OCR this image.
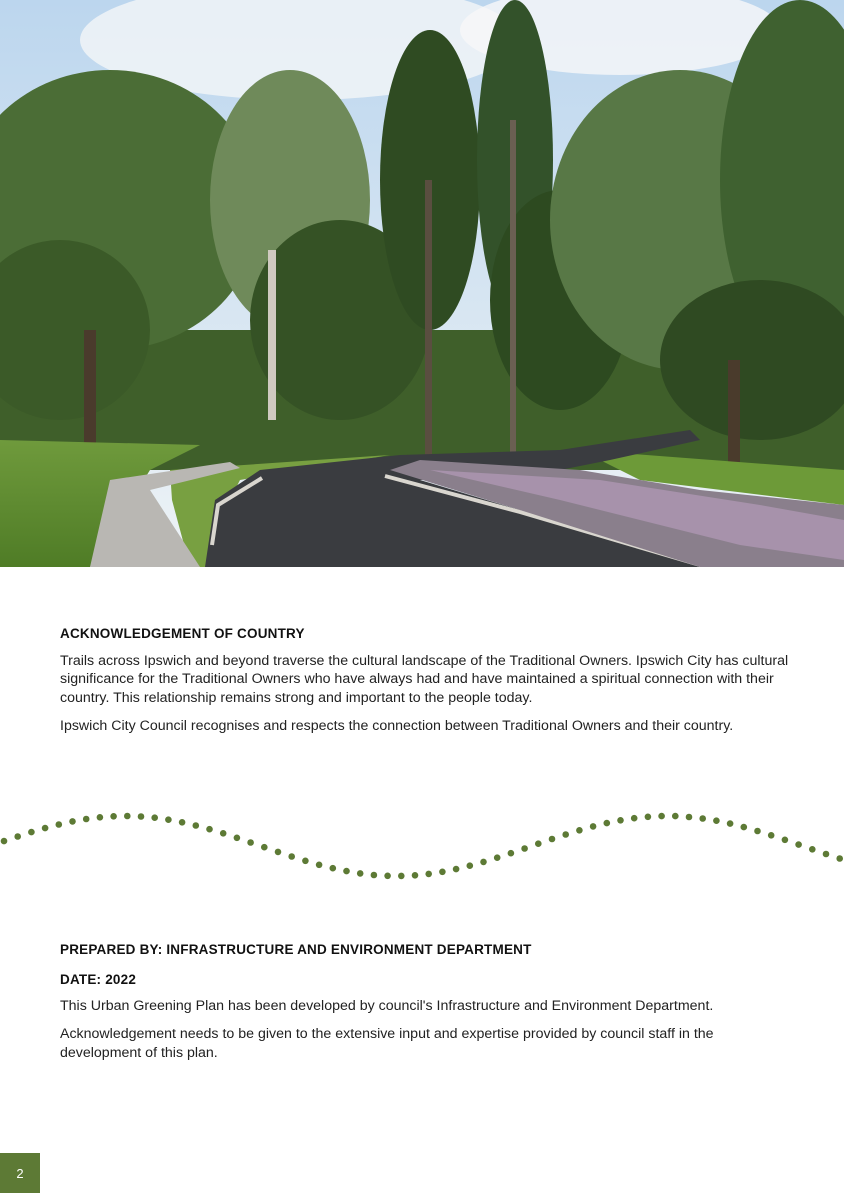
ACKNOWLEDGEMENT OF COUNTRY

Trails across Ipswich and beyond traverse the cultural landscape of the Traditional Owners. Ipswich City has cultural significance for the Traditional Owners who have always had and have maintained a spiritual connection with their country. This relationship remains strong and important to the people today.

Ipswich City Council recognises and respects the connection between Traditional Owners and their country.

PREPARED BY: INFRASTRUCTURE AND ENVIRONMENT DEPARTMENT

DATE: 2022

This Urban Greening Plan has been developed by council's Infrastructure and Environment Department.

Acknowledgement needs to be given to the extensive input and expertise provided by council staff in the development of this plan.

2
